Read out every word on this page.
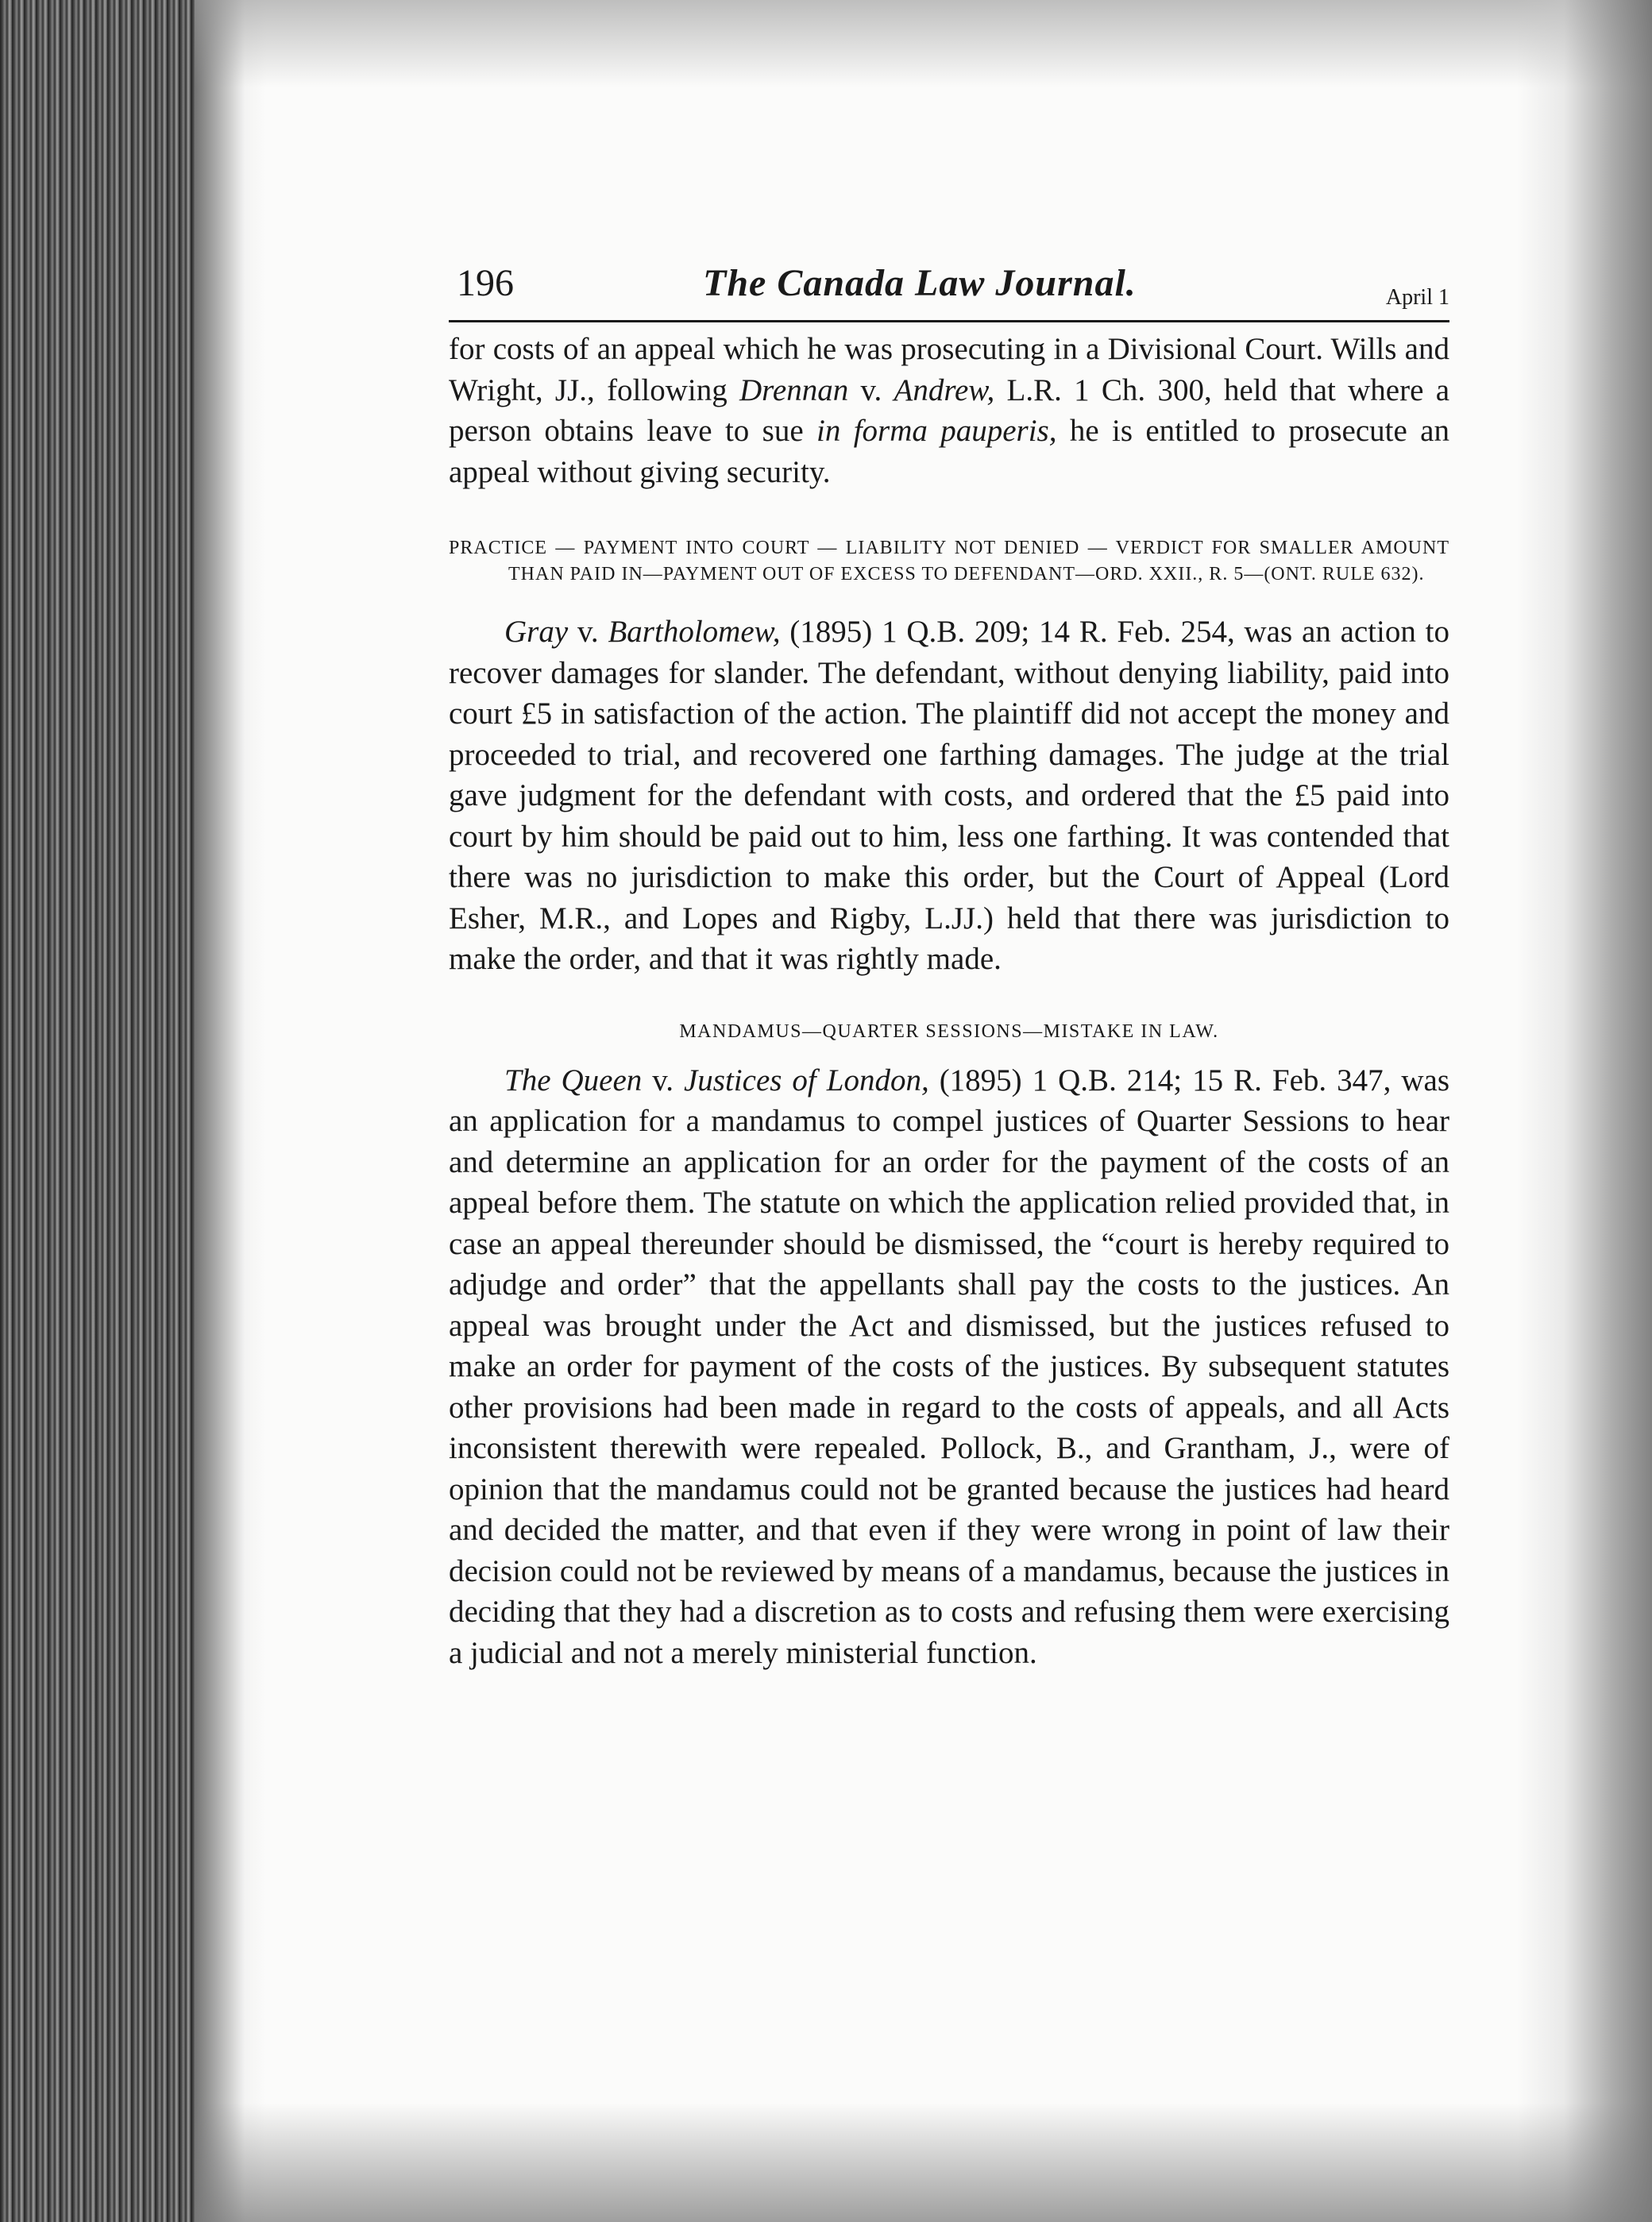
196	The Canada Law Journal.	April 1

for costs of an appeal which he was prosecuting in a Divisional Court. Wills and Wright, JJ., following Drennan v. Andrew, L.R. 1 Ch. 300, held that where a person obtains leave to sue in forma pauperis, he is entitled to prosecute an appeal without giving security.

PRACTICE — PAYMENT INTO COURT — LIABILITY NOT DENIED — VERDICT FOR SMALLER AMOUNT THAN PAID IN—PAYMENT OUT OF EXCESS TO DEFENDANT—ORD. XXII., R. 5—(ONT. RULE 632).

Gray v. Bartholomew, (1895) 1 Q.B. 209; 14 R. Feb. 254, was an action to recover damages for slander. The defendant, without denying liability, paid into court £5 in satisfaction of the action. The plaintiff did not accept the money and proceeded to trial, and recovered one farthing damages. The judge at the trial gave judgment for the defendant with costs, and ordered that the £5 paid into court by him should be paid out to him, less one farthing. It was contended that there was no jurisdiction to make this order, but the Court of Appeal (Lord Esher, M.R., and Lopes and Rigby, L.JJ.) held that there was jurisdiction to make the order, and that it was rightly made.

MANDAMUS—QUARTER SESSIONS—MISTAKE IN LAW.

The Queen v. Justices of London, (1895) 1 Q.B. 214; 15 R. Feb. 347, was an application for a mandamus to compel justices of Quarter Sessions to hear and determine an application for an order for the payment of the costs of an appeal before them. The statute on which the application relied provided that, in case an appeal thereunder should be dismissed, the “court is hereby required to adjudge and order” that the appellants shall pay the costs to the justices. An appeal was brought under the Act and dismissed, but the justices refused to make an order for payment of the costs of the justices. By subsequent statutes other provisions had been made in regard to the costs of appeals, and all Acts inconsistent therewith were repealed. Pollock, B., and Grantham, J., were of opinion that the mandamus could not be granted because the justices had heard and decided the matter, and that even if they were wrong in point of law their decision could not be reviewed by means of a mandamus, because the justices in deciding that they had a discretion as to costs and refusing them were exercising a judicial and not a merely ministerial function.
